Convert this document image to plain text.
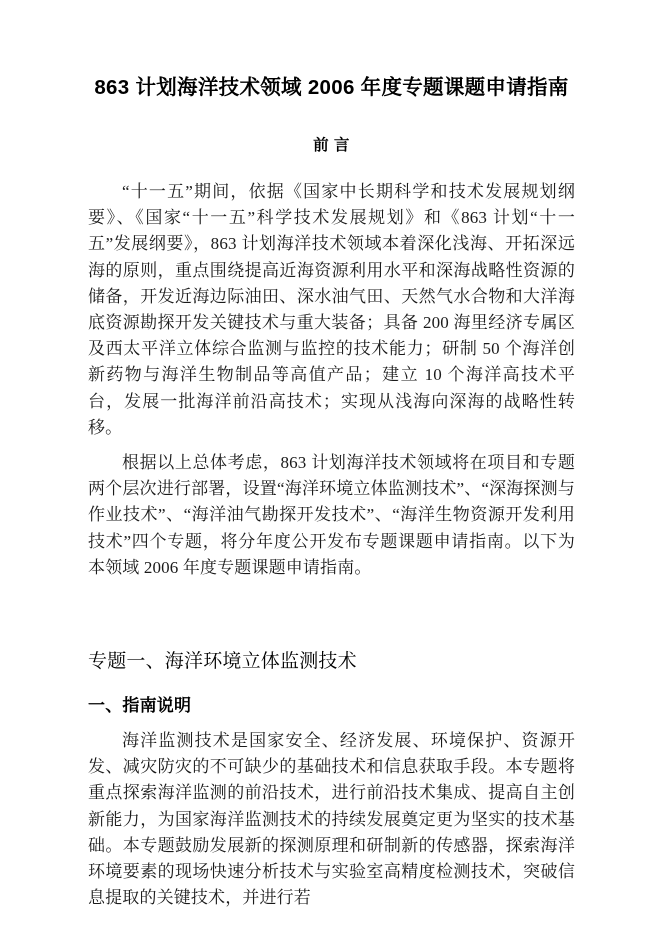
863 计划海洋技术领域 2006 年度专题课题申请指南
前 言

“十一五”期间，依据《国家中长期科学和技术发展规划纲要》、《国家“十一五”科学技术发展规划》和《863 计划“十一五”发展纲要》，863 计划海洋技术领域本着深化浅海、开拓深远海的原则，重点围绕提高近海资源利用水平和深海战略性资源的储备，开发近海边际油田、深水油气田、天然气水合物和大洋海底资源勘探开发关键技术与重大装备；具备 200 海里经济专属区及西太平洋立体综合监测与监控的技术能力；研制 50 个海洋创新药物与海洋生物制品等高值产品；建立 10 个海洋高技术平台，发展一批海洋前沿高技术；实现从浅海向深海的战略性转移。

根据以上总体考虑，863 计划海洋技术领域将在项目和专题两个层次进行部署，设置“海洋环境立体监测技术”、“深海探测与作业技术”、“海洋油气勘探开发技术”、“海洋生物资源开发利用技术”四个专题，将分年度公开发布专题课题申请指南。以下为本领域 2006 年度专题课题申请指南。

专题一、海洋环境立体监测技术
一、指南说明

海洋监测技术是国家安全、经济发展、环境保护、资源开发、减灾防灾的不可缺少的基础技术和信息获取手段。本专题将重点探索海洋监测的前沿技术，进行前沿技术集成、提高自主创新能力，为国家海洋监测技术的持续发展奠定更为坚实的技术基础。本专题鼓励发展新的探测原理和研制新的传感器，探索海洋环境要素的现场快速分析技术与实验室高精度检测技术，突破信息提取的关键技术，并进行若
